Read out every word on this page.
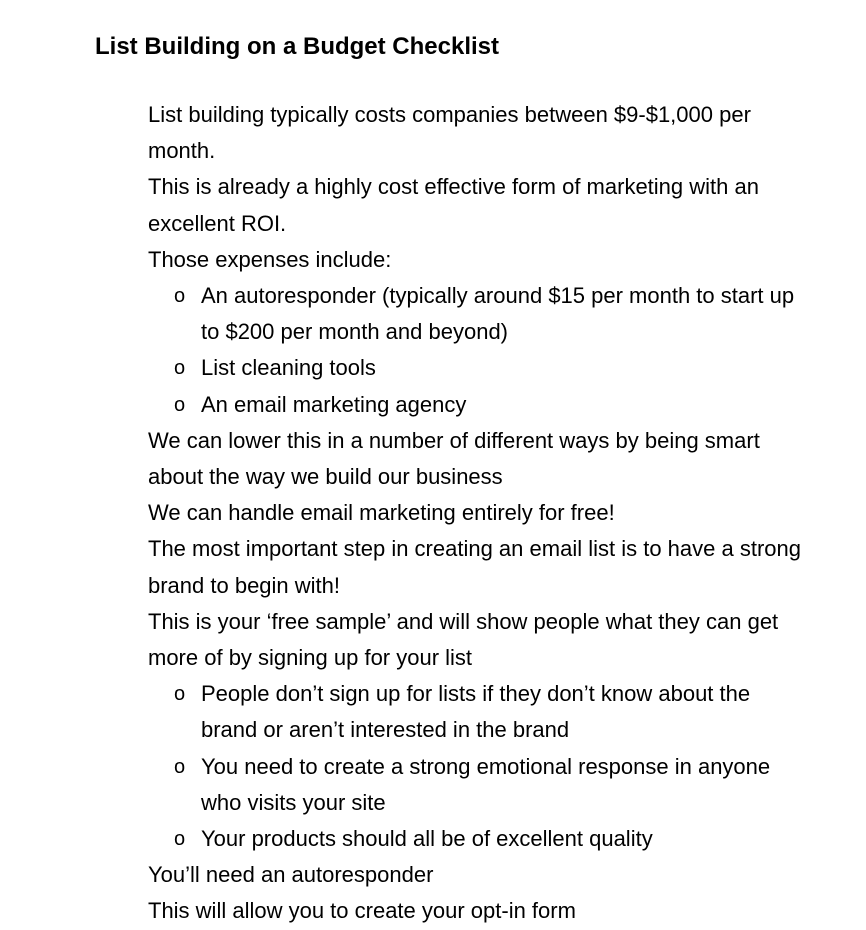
List Building on a Budget Checklist
List building typically costs companies between $9-$1,000 per month.
This is already a highly cost effective form of marketing with an excellent ROI.
Those expenses include:
o An autoresponder (typically around $15 per month to start up to $200 per month and beyond)
o List cleaning tools
o An email marketing agency
We can lower this in a number of different ways by being smart about the way we build our business
We can handle email marketing entirely for free!
The most important step in creating an email list is to have a strong brand to begin with!
This is your ‘free sample’ and will show people what they can get more of by signing up for your list
o People don’t sign up for lists if they don’t know about the brand or aren’t interested in the brand
o You need to create a strong emotional response in anyone who visits your site
o Your products should all be of excellent quality
You’ll need an autoresponder
This will allow you to create your opt-in form
